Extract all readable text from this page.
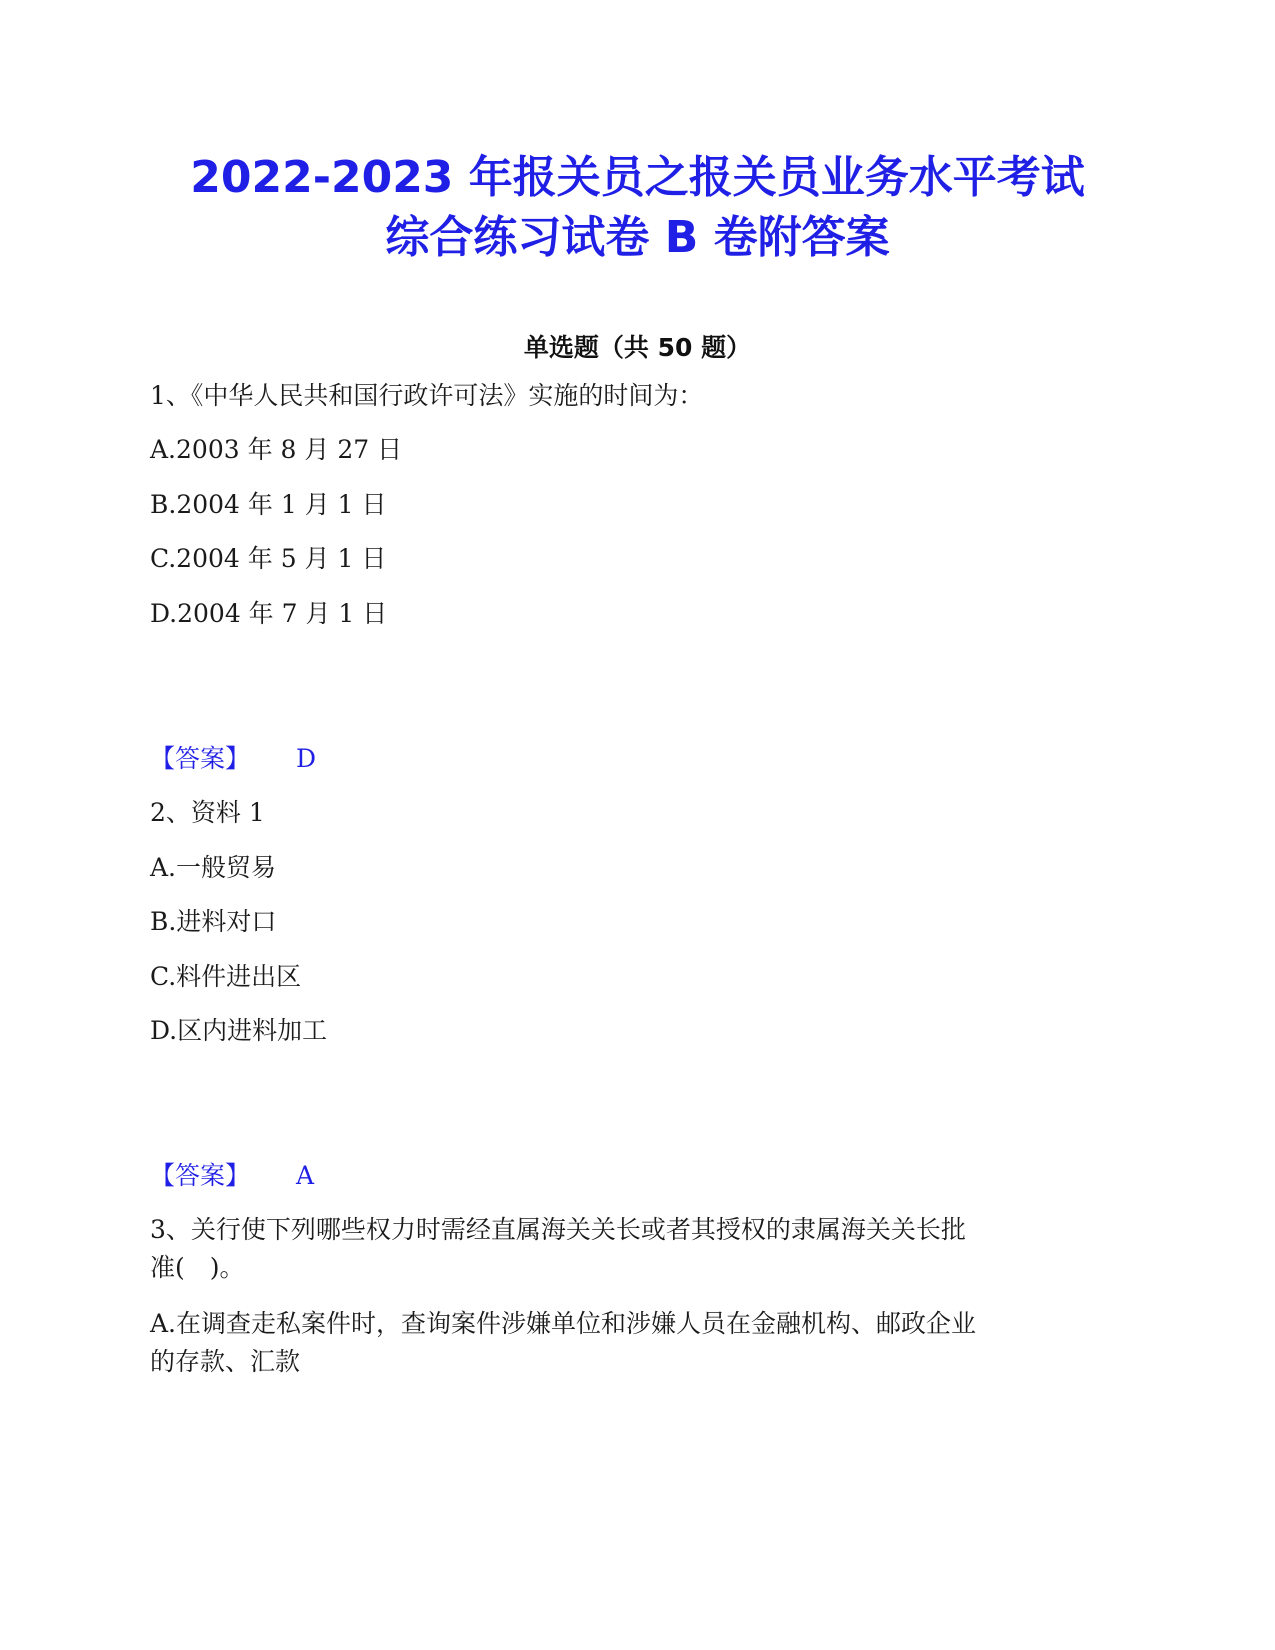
2022-2023 年报关员之报关员业务水平考试
综合练习试卷 B 卷附答案
单选题（共 50 题）
1、《中华人民共和国行政许可法》实施的时间为：
A.2003 年 8 月 27 日
B.2004 年 1 月 1 日
C.2004 年 5 月 1 日
D.2004 年 7 月 1 日
【答案】 D
2、资料 1
A.一般贸易
B.进料对口
C.料件进出区
D.区内进料加工
【答案】 A
3、关行使下列哪些权力时需经直属海关关长或者其授权的隶属海关关长批
准(　)。
A.在调查走私案件时，查询案件涉嫌单位和涉嫌人员在金融机构、邮政企业
的存款、汇款
